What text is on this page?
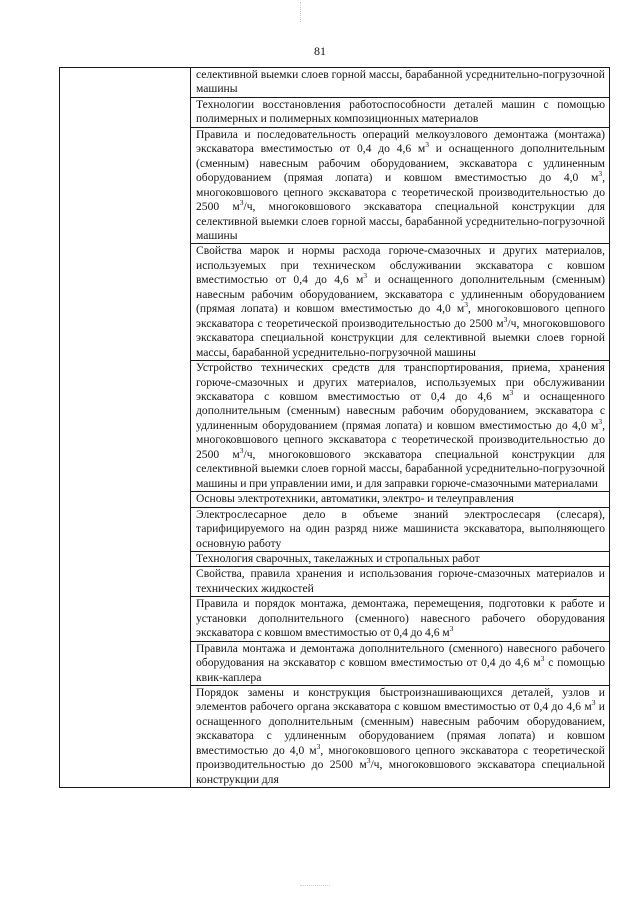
81

селективной выемки слоев горной массы, барабанной усреднительно-погрузочной машины

Технологии восстановления работоспособности деталей машин с помощью полимерных и полимерных композиционных материалов

Правила и последовательность операций мелкоузлового демонтажа (монтажа) экскаватора вместимостью от 0,4 до 4,6 $м^3$ и оснащенного дополнительным (сменным) навесным рабочим оборудованием, экскаватора с удлиненным оборудованием (прямая лопата) и ковшом вместимостью до 4,0 $м^3$, многоковшового цепного экскаватора с теоретической производительностью до 2500 $м^3/ч$, многоковшового экскаватора специальной конструкции для селективной выемки слоев горной массы, барабанной усреднительно-погрузочной машины

Свойства марок и нормы расхода горюче-смазочных и других материалов, используемых при техническом обслуживании экскаватора с ковшом вместимостью от 0,4 до 4,6 $м^3$ и оснащенного дополнительным (сменным) навесным рабочим оборудованием, экскаватора с удлиненным оборудованием (прямая лопата) и ковшом вместимостью до 4,0 $м^3$, многоковшового цепного экскаватора с теоретической производительностью до 2500 $м^3/ч$, многоковшового экскаватора специальной конструкции для селективной выемки слоев горной массы, барабанной усреднительно-погрузочной машины

Устройство технических средств для транспортирования, приема, хранения горюче-смазочных и других материалов, используемых при обслуживании экскаватора с ковшом вместимостью от 0,4 до 4,6 $м^3$ и оснащенного дополнительным (сменным) навесным рабочим оборудованием, экскаватора с удлиненным оборудованием (прямая лопата) и ковшом вместимостью до 4,0 $м^3$, многоковшового цепного экскаватора с теоретической производительностью до 2500 $м^3/ч$, многоковшового экскаватора специальной конструкции для селективной выемки слоев горной массы, барабанной усреднительно-погрузочной машины и при управлении ими, и для заправки горюче-смазочными материалами

Основы электротехники, автоматики, электро- и телеуправления

Электрослесарное дело в объеме знаний электрослесаря (слесаря), тарифицируемого на один разряд ниже машиниста экскаватора, выполняющего основную работу

Технология сварочных, такелажных и стропальных работ

Свойства, правила хранения и использования горюче-смазочных материалов и технических жидкостей

Правила и порядок монтажа, демонтажа, перемещения, подготовки к работе и установки дополнительного (сменного) навесного рабочего оборудования экскаватора с ковшом вместимостью от 0,4 до 4,6 $м^3$

Правила монтажа и демонтажа дополнительного (сменного) навесного рабочего оборудования на экскаватор с ковшом вместимостью от 0,4 до 4,6 $м^3$ с помощью квик-каплера

Порядок замены и конструкция быстроизнашивающихся деталей, узлов и элементов рабочего органа экскаватора с ковшом вместимостью от 0,4 до 4,6 $м^3$ и оснащенного дополнительным (сменным) навесным рабочим оборудованием, экскаватора с удлиненным оборудованием (прямая лопата) и ковшом вместимостью до 4,0 $м^3$, многоковшового цепного экскаватора с теоретической производительностью до 2500 $м^3/ч$, многоковшового экскаватора специальной конструкции для
